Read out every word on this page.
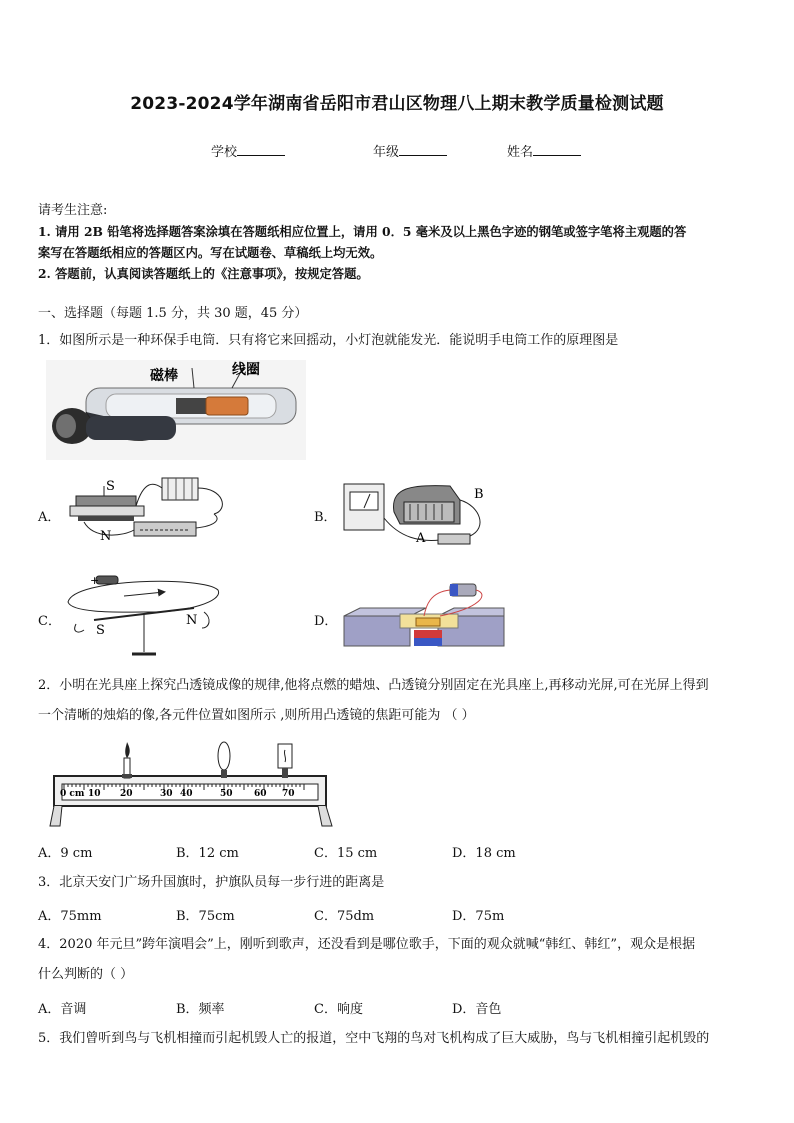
2023-2024学年湖南省岳阳市君山区物理八上期末教学质量检测试题
学校	年级	姓名
请考生注意:
1. 请用 2B 铅笔将选择题答案涂填在答题纸相应位置上，请用 0．5 毫米及以上黑色字迹的钢笔或签字笔将主观题的答
案写在答题纸相应的答题区内。写在试题卷、草稿纸上均无效。
2. 答题前，认真阅读答题纸上的《注意事项》，按规定答题。
一、选择题（每题 1.5 分，共 30 题，45 分）
1．如图所示是一种环保手电筒．只有将它来回摇动，小灯泡就能发光．能说明手电筒工作的原理图是
磁棒	线圈
A．
S
N
B．
B
A
C．
+
S
N	D．
2．小明在光具座上探究凸透镜成像的规律,他将点燃的蜡烛、凸透镜分别固定在光具座上,再移动光屏,可在光屏上得到
一个清晰的烛焰的像,各元件位置如图所示 ,则所用凸透镜的焦距可能为 （ ）
0 cm 10 20	30 40	50 60 70
A．9 cm	B．12 cm	C．15 cm	D．18 cm
3．北京天安门广场升国旗时，护旗队员每一步行进的距离是
A．75mm	B．75cm	C．75dm	D．75m
4．2020 年元旦”跨年演唱会”上，刚听到歌声，还没看到是哪位歌手，下面的观众就喊“韩红、韩红”，观众是根据
什么判断的（ ）
A．音调	B．频率	C．响度	D．音色
5．我们曾听到鸟与飞机相撞而引起机毁人亡的报道，空中飞翔的鸟对飞机构成了巨大威胁，鸟与飞机相撞引起机毁的
